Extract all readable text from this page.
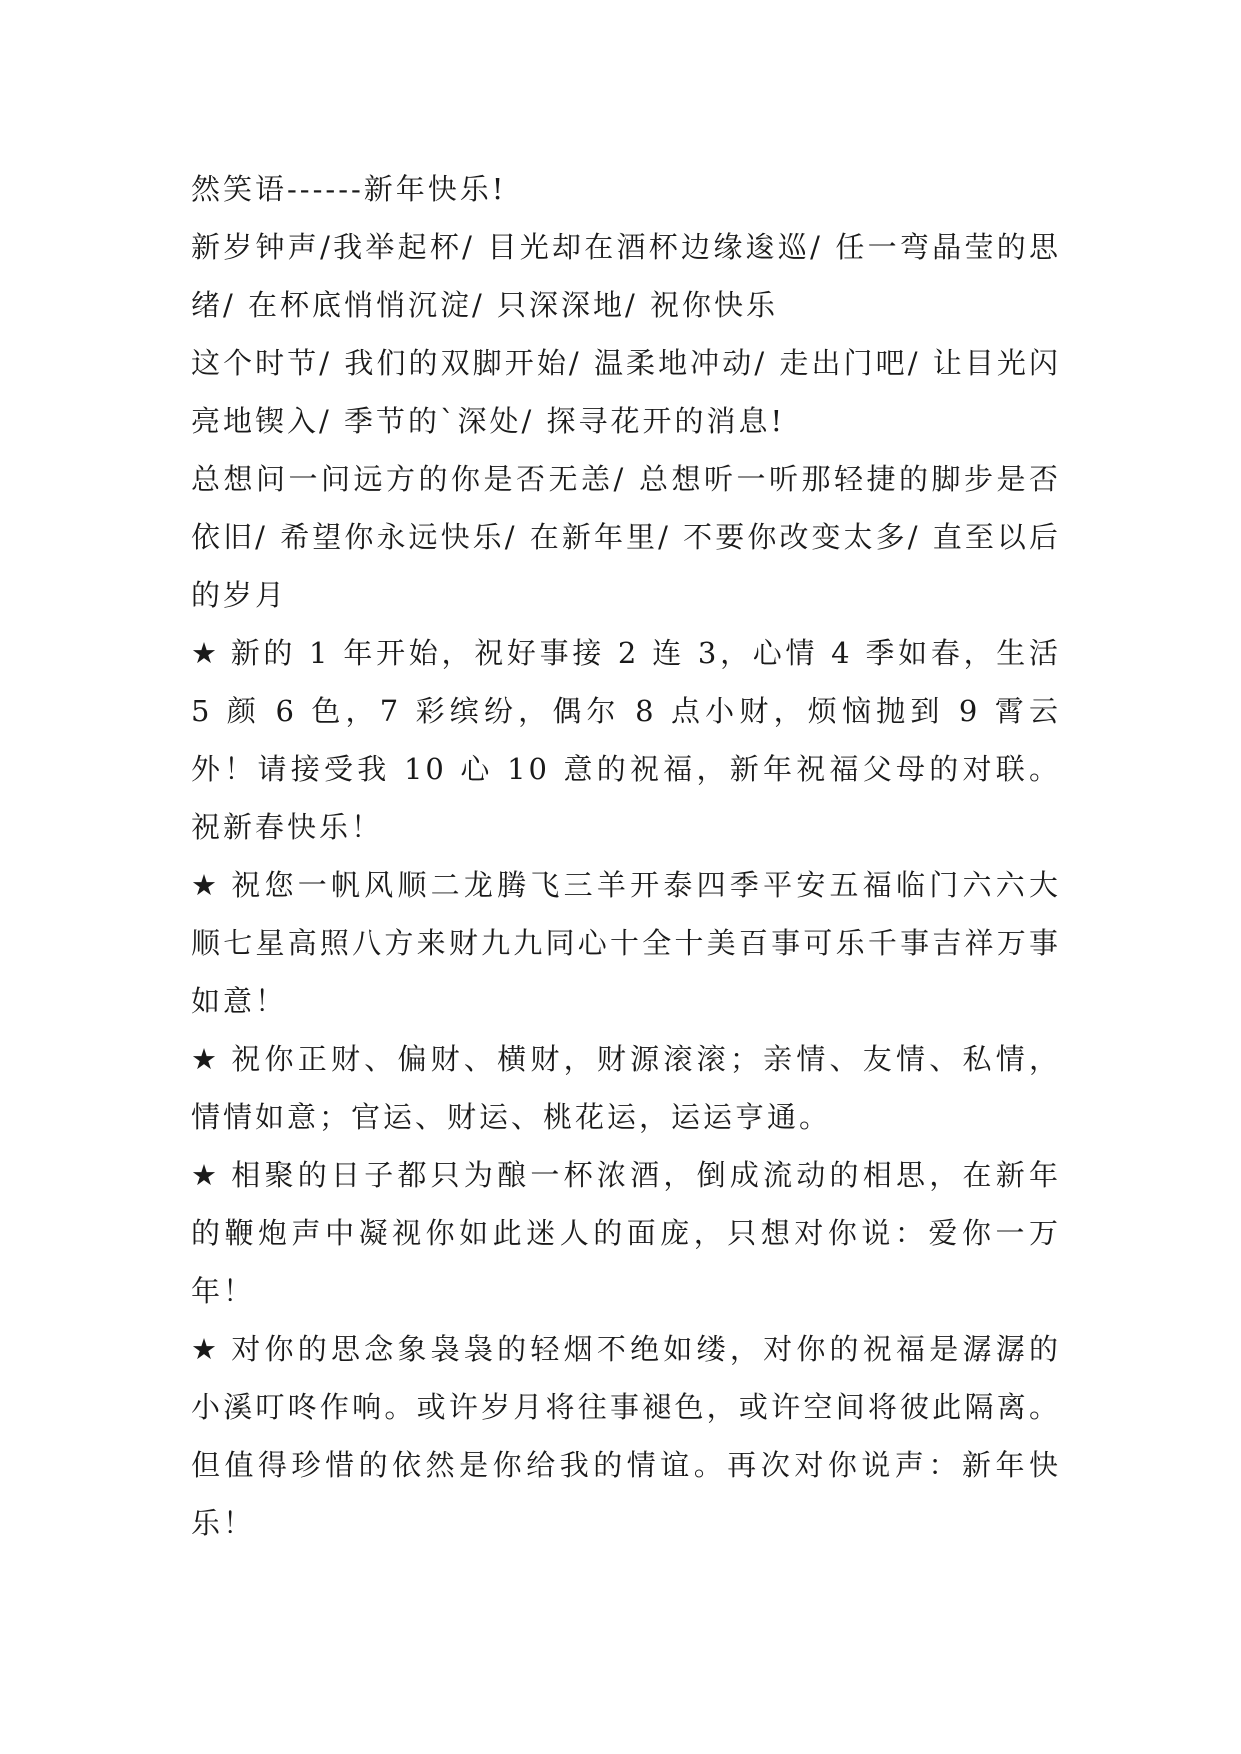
然笑语------新年快乐!

新岁钟声/我举起杯/ 目光却在酒杯边缘逡巡/ 任一弯晶莹的思绪/ 在杯底悄悄沉淀/ 只深深地/ 祝你快乐

这个时节/ 我们的双脚开始/ 温柔地冲动/ 走出门吧/ 让目光闪亮地锲入/ 季节的`深处/ 探寻花开的消息!

总想问一问远方的你是否无恙/ 总想听一听那轻捷的脚步是否依旧/ 希望你永远快乐/ 在新年里/ 不要你改变太多/ 直至以后的岁月

★ 新的 1 年开始，祝好事接 2 连 3，心情 4 季如春，生活 5 颜 6 色，7 彩缤纷，偶尔 8 点小财，烦恼抛到 9 霄云外！请接受我 10 心 10 意的祝福，新年祝福父母的对联。祝新春快乐！

★ 祝您一帆风顺二龙腾飞三羊开泰四季平安五福临门六六大顺七星高照八方来财九九同心十全十美百事可乐千事吉祥万事如意！

★ 祝你正财、偏财、横财，财源滚滚；亲情、友情、私情，情情如意；官运、财运、桃花运，运运亨通。

★ 相聚的日子都只为酿一杯浓酒，倒成流动的相思，在新年的鞭炮声中凝视你如此迷人的面庞，只想对你说：爱你一万年！

★ 对你的思念象袅袅的轻烟不绝如缕，对你的祝福是潺潺的小溪叮咚作响。或许岁月将往事褪色，或许空间将彼此隔离。但值得珍惜的依然是你给我的情谊。再次对你说声：新年快乐！
